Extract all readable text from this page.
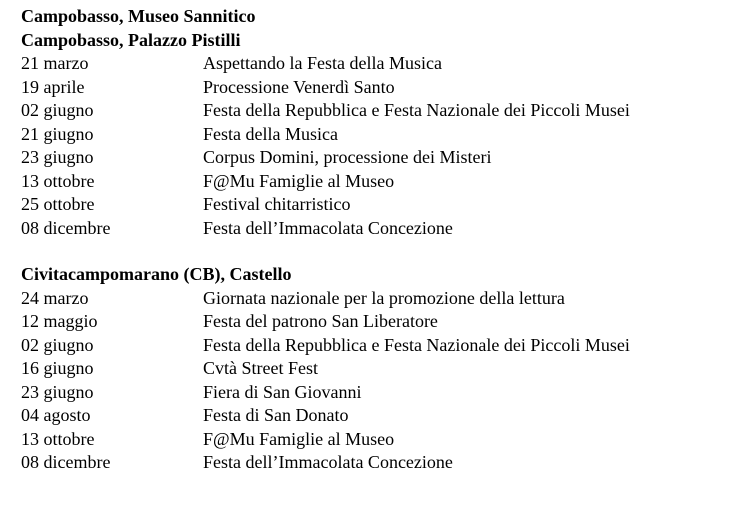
Campobasso, Museo Sannitico
Campobasso, Palazzo Pistilli
21 marzo	Aspettando la Festa della Musica
19 aprile	Processione Venerdì Santo
02 giugno	Festa della Repubblica e Festa Nazionale dei Piccoli Musei
21 giugno	Festa della Musica
23 giugno	Corpus Domini, processione dei Misteri
13 ottobre	F@Mu Famiglie al Museo
25 ottobre	Festival chitarristico
08 dicembre	Festa dell’Immacolata Concezione
Civitacampomarano (CB), Castello
24 marzo	Giornata nazionale per la promozione della lettura
12 maggio	Festa del patrono San Liberatore
02 giugno	Festa della Repubblica e Festa Nazionale dei Piccoli Musei
16 giugno	Cvtà Street Fest
23 giugno	Fiera di San Giovanni
04 agosto	Festa di San Donato
13 ottobre	F@Mu Famiglie al Museo
08 dicembre	Festa dell’Immacolata Concezione
